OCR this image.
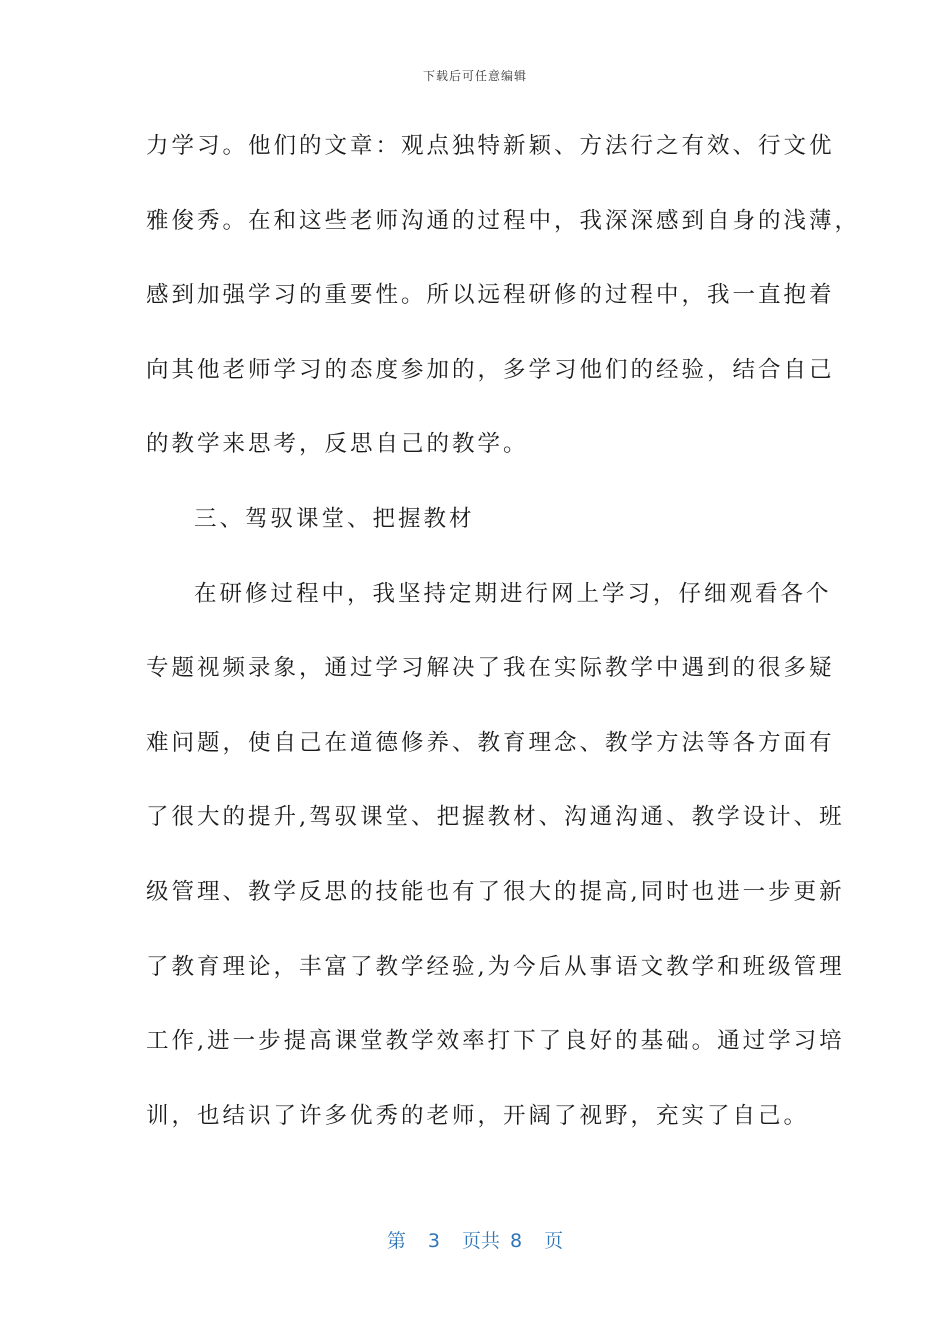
下载后可任意编辑
力学习。他们的文章：观点独特新颖、方法行之有效、行文优
雅俊秀。在和这些老师沟通的过程中，我深深感到自身的浅薄，
感到加强学习的重要性。所以远程研修的过程中，我一直抱着
向其他老师学习的态度参加的，多学习他们的经验，结合自己
的教学来思考，反思自己的教学。
三、驾驭课堂、把握教材
在研修过程中，我坚持定期进行网上学习，仔细观看各个
专题视频录象，通过学习解决了我在实际教学中遇到的很多疑
难问题，使自己在道德修养、教育理念、教学方法等各方面有
了很大的提升,驾驭课堂、把握教材、沟通沟通、教学设计、班
级管理、教学反思的技能也有了很大的提高,同时也进一步更新
了教育理论，丰富了教学经验,为今后从事语文教学和班级管理
工作,进一步提高课堂教学效率打下了良好的基础。通过学习培
训，也结识了许多优秀的老师，开阔了视野，充实了自己。
第 3 页共 8 页
